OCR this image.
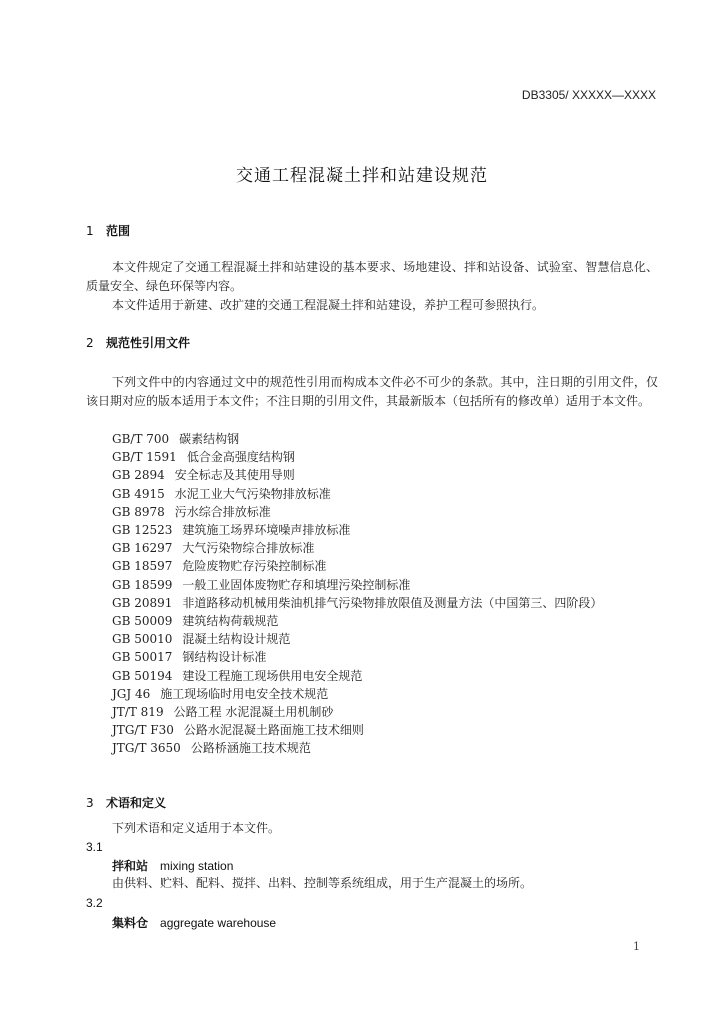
DB3305/ XXXXX—XXXX
交通工程混凝土拌和站建设规范
1 范围
本文件规定了交通工程混凝土拌和站建设的基本要求、场地建设、拌和站设备、试验室、智慧信息化、质量安全、绿色环保等内容。
本文件适用于新建、改扩建的交通工程混凝土拌和站建设，养护工程可参照执行。
2 规范性引用文件
下列文件中的内容通过文中的规范性引用而构成本文件必不可少的条款。其中，注日期的引用文件，仅该日期对应的版本适用于本文件；不注日期的引用文件，其最新版本（包括所有的修改单）适用于本文件。
GB/T 700 碳素结构钢
GB/T 1591 低合金高强度结构钢
GB 2894 安全标志及其使用导则
GB 4915 水泥工业大气污染物排放标准
GB 8978 污水综合排放标准
GB 12523 建筑施工场界环境噪声排放标准
GB 16297 大气污染物综合排放标准
GB 18597 危险废物贮存污染控制标准
GB 18599 一般工业固体废物贮存和填埋污染控制标准
GB 20891 非道路移动机械用柴油机排气污染物排放限值及测量方法（中国第三、四阶段）
GB 50009 建筑结构荷载规范
GB 50010 混凝土结构设计规范
GB 50017 钢结构设计标准
GB 50194 建设工程施工现场供用电安全规范
JGJ 46 施工现场临时用电安全技术规范
JT/T 819 公路工程 水泥混凝土用机制砂
JTG/T F30 公路水泥混凝土路面施工技术细则
JTG/T 3650 公路桥涵施工技术规范
3 术语和定义
下列术语和定义适用于本文件。
3.1
拌和站 mixing station
由供料、贮料、配料、搅拌、出料、控制等系统组成，用于生产混凝土的场所。
3.2
集料仓 aggregate warehouse
1
